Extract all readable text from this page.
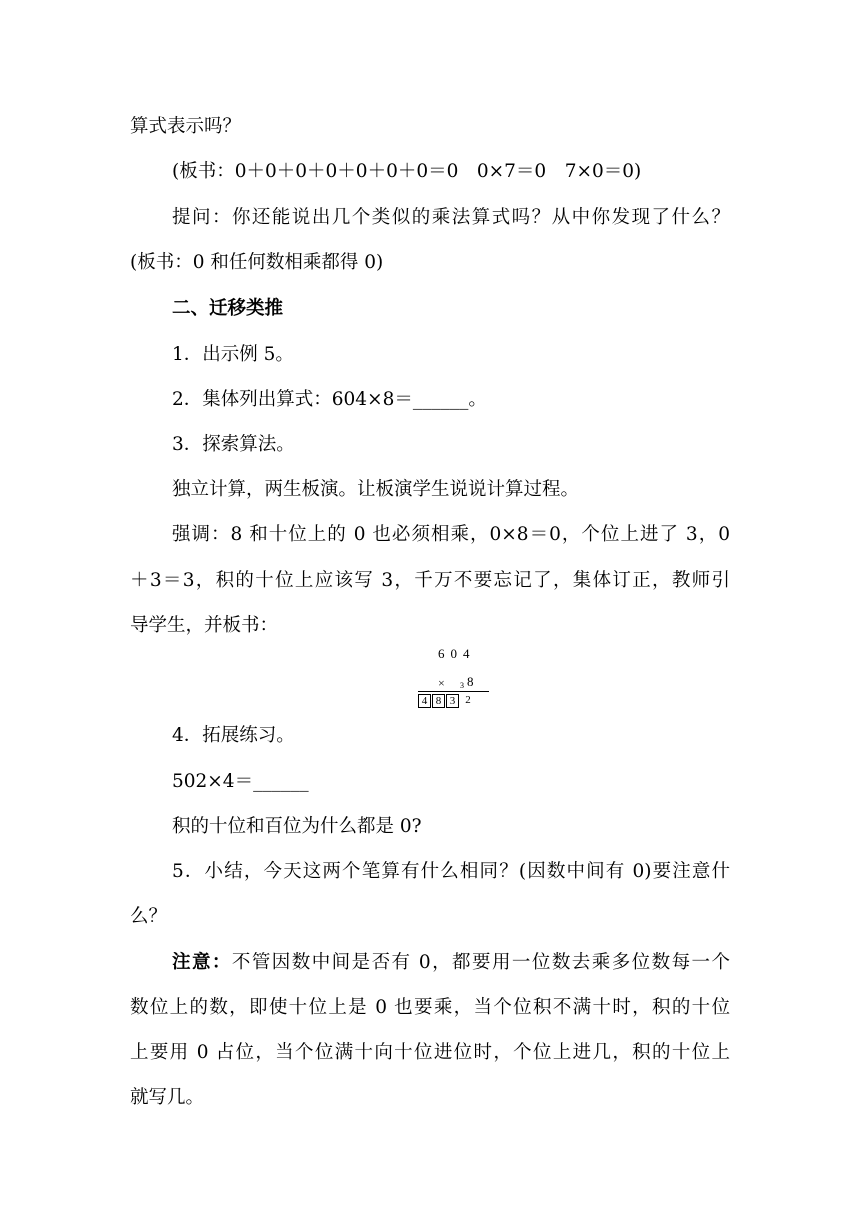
算式表示吗？
(板书：0＋0＋0＋0＋0＋0＋0＝0　0×7＝0　7×0＝0)
提问：你还能说出几个类似的乘法算式吗？从中你发现了什么？
(板书：0 和任何数相乘都得 0)
二、迁移类推
1．出示例 5。
2．集体列出算式：604×8＝______。
3．探索算法。
独立计算，两生板演。让板演学生说说计算过程。
强调：8 和十位上的 0 也必须相乘，0×8＝0，个位上进了 3，0
＋3＝3，积的十位上应该写 3，千万不要忘记了，集体订正，教师引
导学生，并板书：
604
× 3 8
4 8 3 2
4．拓展练习。
502×4＝______
积的十位和百位为什么都是 0?
5．小结，今天这两个笔算有什么相同？(因数中间有 0)要注意什
么？
注意：不管因数中间是否有 0，都要用一位数去乘多位数每一个
数位上的数，即使十位上是 0 也要乘，当个位积不满十时，积的十位
上要用 0 占位，当个位满十向十位进位时，个位上进几，积的十位上
就写几。
